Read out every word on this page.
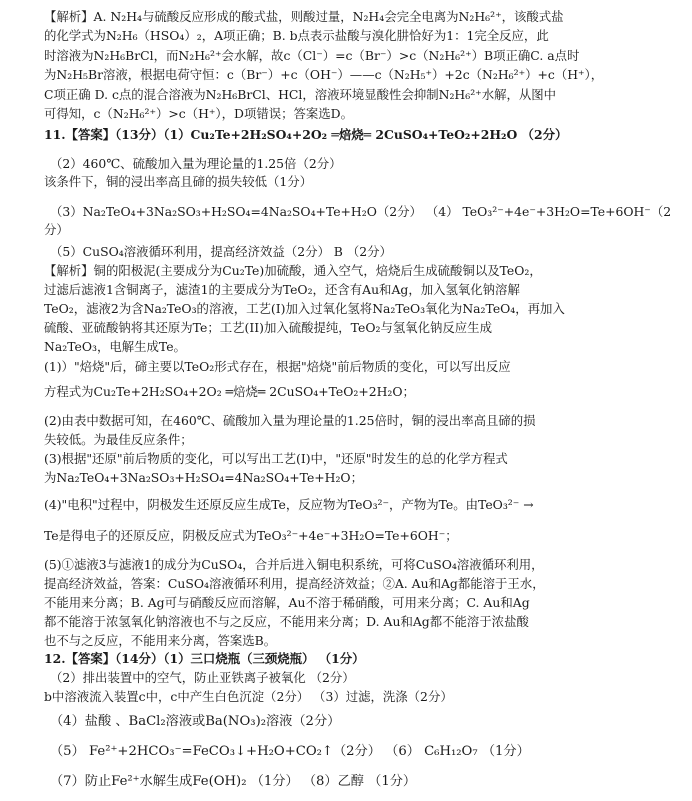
【解析】A. N₂H₄与硫酸反应形成的酸式盐，则酸过量，N₂H₄会完全电离为N₂H₆²⁺，该酸式盐
的化学式为N₂H₆（HSO₄）₂，A项正确；B. b点表示盐酸与溴化肼恰好为1：1完全反应，此
时溶液为N₂H₆BrCl，而N₂H₆²⁺会水解，故c（Cl⁻）=c（Br⁻）>c（N₂H₆²⁺）B项正确C. a点时
为N₂H₅Br溶液，根据电荷守恒：c（Br⁻）+c（OH⁻）——c（N₂H₅⁺）+2c（N₂H₆²⁺）+c（H⁺），
C项正确 D. c点的混合溶液为N₂H₆BrCl、HCl，溶液环境显酸性会抑制N₂H₆²⁺水解，从图中
可得知，c（N₂H₆²⁺）>c（H⁺），D项错误；答案选D。
11.【答案】（13分）（1）Cu₂Te+2H₂SO₄+2O₂ ═焙烧═ 2CuSO₄+TeO₂+2H₂O （2分）
（2）460℃、硫酸加入量为理论量的1.25倍（2分）
该条件下，铜的浸出率高且碲的损失较低（1分）
（3）Na₂TeO₄+3Na₂SO₃+H₂SO₄=4Na₂SO₄+Te+H₂O（2分） （4） TeO₃²⁻+4e⁻+3H₂O=Te+6OH⁻（2
分）
（5）CuSO₄溶液循环利用，提高经济效益（2分） B （2分）
【解析】铜的阳极泥(主要成分为Cu₂Te)加硫酸，通入空气，焙烧后生成硫酸铜以及TeO₂，
过滤后滤液1含铜离子，滤渣1的主要成分为TeO₂，还含有Au和Ag，加入氢氧化钠溶解
TeO₂，滤液2为含Na₂TeO₃的溶液，工艺(I)加入过氧化氢将Na₂TeO₃氧化为Na₂TeO₄，再加入
硫酸、亚硫酸钠将其还原为Te；工艺(II)加入硫酸提纯，TeO₂与氢氧化钠反应生成
Na₂TeO₃，电解生成Te。
(1)）"焙烧"后，碲主要以TeO₂形式存在，根据"焙烧"前后物质的变化，可以写出反应
方程式为Cu₂Te+2H₂SO₄+2O₂ ═焙烧═ 2CuSO₄+TeO₂+2H₂O；
(2)由表中数据可知，在460℃、硫酸加入量为理论量的1.25倍时，铜的浸出率高且碲的损
失较低。为最佳反应条件；
(3)根据"还原"前后物质的变化，可以写出工艺(I)中，"还原"时发生的总的化学方程式
为Na₂TeO₄+3Na₂SO₃+H₂SO₄=4Na₂SO₄+Te+H₂O；
(4)"电积"过程中，阴极发生还原反应生成Te，反应物为TeO₃²⁻，产物为Te。由TeO₃²⁻ →
Te是得电子的还原反应，阴极反应式为TeO₃²⁻+4e⁻+3H₂O=Te+6OH⁻；
(5)①滤液3与滤液1的成分为CuSO₄，合并后进入铜电积系统，可将CuSO₄溶液循环利用，
提高经济效益，答案：CuSO₄溶液循环利用，提高经济效益；②A. Au和Ag都能溶于王水，
不能用来分离；B. Ag可与硝酸反应而溶解，Au不溶于稀硝酸，可用来分离；C. Au和Ag
都不能溶于浓氢氧化钠溶液也不与之反应，不能用来分离；D. Au和Ag都不能溶于浓盐酸
也不与之反应，不能用来分离，答案选B。
12.【答案】（14分）（1）三口烧瓶（三颈烧瓶） （1分）
（2）排出装置中的空气，防止亚铁离子被氧化 （2分）
b中溶液流入装置c中，c中产生白色沉淀（2分） （3）过滤，洗涤（2分）
（4）盐酸 、BaCl₂溶液或Ba(NO₃)₂溶液（2分）
（5） Fe²⁺+2HCO₃⁻=FeCO₃↓+H₂O+CO₂↑（2分） （6） C₆H₁₂O₇ （1分）
（7）防止Fe²⁺水解生成Fe(OH)₂ （1分） （8）乙醇 （1分）
